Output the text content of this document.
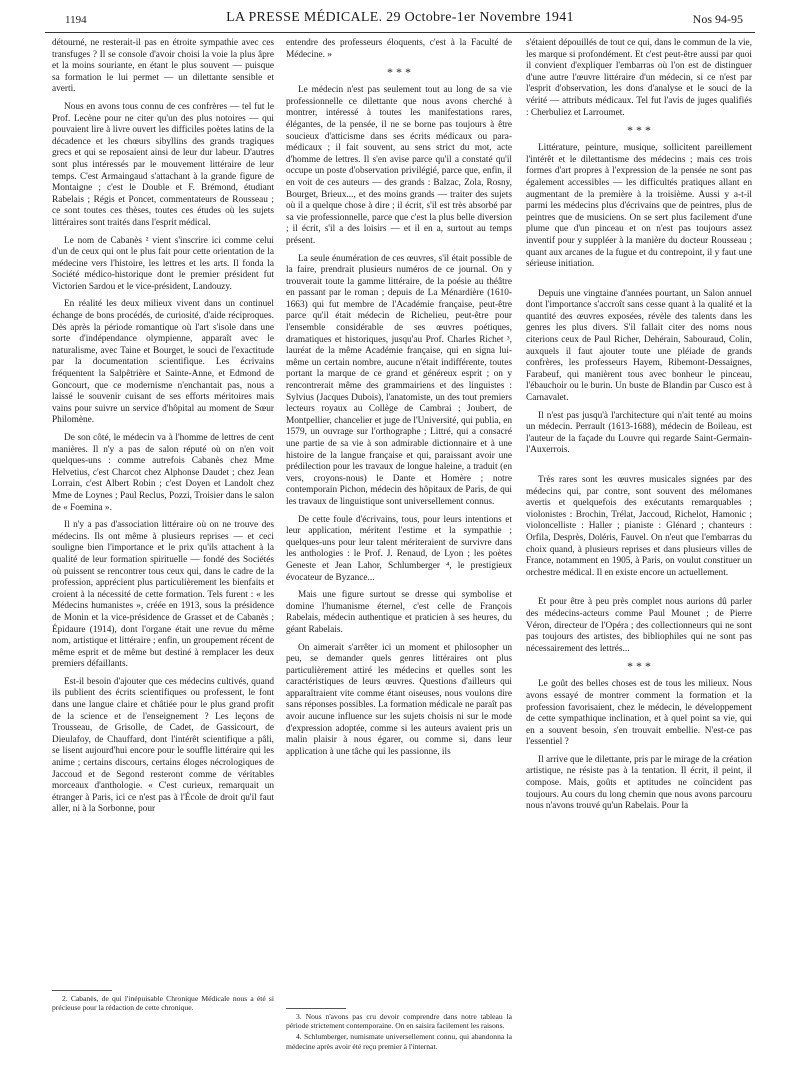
1194	LA PRESSE MÉDICALE. 29 Octobre-1er Novembre 1941	Nos 94-95

détourné, ne resterait-il pas en étroite sympathie avec ces transfuges ? Il se console d'avoir choisi la voie la plus âpre et la moins souriante, en étant le plus souvent — puisque sa formation le lui permet — un dilettante sensible et averti.

Nous en avons tous connu de ces confrères — tel fut le Prof. Lecène pour ne citer qu'un des plus notoires — qui pouvaient lire à livre ouvert les difficiles poètes latins de la décadence et les chœurs sibyllins des grands tragiques grecs et qui se reposaient ainsi de leur dur labeur. D'autres sont plus intéressés par le mouvement littéraire de leur temps. C'est Armaingaud s'attachant à la grande figure de Montaigne ; c'est le Double et F. Brémond, étudiant Rabelais ; Régis et Poncet, commentateurs de Rousseau ; ce sont toutes ces thèses, toutes ces études où les sujets littéraires sont traités dans l'esprit médical.

Le nom de Cabanès ² vient s'inscrire ici comme celui d'un de ceux qui ont le plus fait pour cette orientation de la médecine vers l'histoire, les lettres et les arts. Il fonda la Société médico-historique dont le premier président fut Victorien Sardou et le vice-président, Landouzy.

En réalité les deux milieux vivent dans un continuel échange de bons procédés, de curiosité, d'aide réciproques. Dès après la période romantique où l'art s'isole dans une sorte d'indépendance olympienne, apparaît avec le naturalisme, avec Taine et Bourget, le souci de l'exactitude par la documentation scientifique. Les écrivains fréquentent la Salpêtrière et Sainte-Anne, et Edmond de Goncourt, que ce modernisme n'enchantait pas, nous a laissé le souvenir cuisant de ses efforts méritoires mais vains pour suivre un service d'hôpital au moment de Sœur Philomène.

De son côté, le médecin va à l'homme de lettres de cent manières. Il n'y a pas de salon réputé où on n'en voit quelques-uns : comme autrefois Cabanès chez Mme Helvetius, c'est Charcot chez Alphonse Daudet ; chez Jean Lorrain, c'est Albert Robin ; c'est Doyen et Landolt chez Mme de Loynes ; Paul Reclus, Pozzi, Troisier dans le salon de « Foemina ».

Il n'y a pas d'association littéraire où on ne trouve des médecins. Ils ont même à plusieurs reprises — et ceci souligne bien l'importance et le prix qu'ils attachent à la qualité de leur formation spirituelle — fondé des Sociétés où puissent se rencontrer tous ceux qui, dans le cadre de la profession, apprécient plus particulièrement les bienfaits et croient à la nécessité de cette formation. Tels furent : « les Médecins humanistes », créée en 1913, sous la présidence de Monin et la vice-présidence de Grasset et de Cabanès ; Épidaure (1914), dont l'organe était une revue du même nom, artistique et littéraire ; enfin, un groupement récent de même esprit et de même but destiné à remplacer les deux premiers défaillants.

Est-il besoin d'ajouter que ces médecins cultivés, quand ils publient des écrits scientifiques ou professent, le font dans une langue claire et châtiée pour le plus grand profit de la science et de l'enseignement ? Les leçons de Trousseau, de Grisolle, de Cadet, de Gassicourt, de Dieulafoy, de Chauffard, dont l'intérêt scientifique a pâli, se lisent aujourd'hui encore pour le souffle littéraire qui les anime ; certains discours, certains éloges nécrologiques de Jaccoud et de Segond resteront comme de véritables morceaux d'anthologie. « C'est curieux, remarquait un étranger à Paris, ici ce n'est pas à l'École de droit qu'il faut aller, ni à la Sorbonne, pour

entendre des professeurs éloquents, c'est à la Faculté de Médecine. »

* * *

Le médecin n'est pas seulement tout au long de sa vie professionnelle ce dilettante que nous avons cherché à montrer, intéressé à toutes les manifestations rares, élégantes, de la pensée, il ne se borne pas toujours à être soucieux d'atticisme dans ses écrits médicaux ou para-médicaux ; il fait souvent, au sens strict du mot, acte d'homme de lettres. Il s'en avise parce qu'il a constaté qu'il occupe un poste d'observation privilégié, parce que, enfin, il en voit de ces auteurs — des grands : Balzac, Zola, Rosny, Bourget, Brieux..., et des moins grands — traiter des sujets où il a quelque chose à dire ; il écrit, s'il est très absorbé par sa vie professionnelle, parce que c'est la plus belle diversion ; il écrit, s'il a des loisirs — et il en a, surtout au temps présent.

La seule énumération de ces œuvres, s'il était possible de la faire, prendrait plusieurs numéros de ce journal. On y trouverait toute la gamme littéraire, de la poésie au théâtre en passant par le roman ; depuis de La Ménardière (1610-1663) qui fut membre de l'Académie française, peut-être parce qu'il était médecin de Richelieu, peut-être pour l'ensemble considérable de ses œuvres poétiques, dramatiques et historiques, jusqu'au Prof. Charles Richet ³, lauréat de la même Académie française, qui en signa lui-même un certain nombre, aucune n'était indifférente, toutes portant la marque de ce grand et généreux esprit ; on y rencontrerait même des grammairiens et des linguistes : Sylvius (Jacques Dubois), l'anatomiste, un des tout premiers lecteurs royaux au Collège de Cambrai ; Joubert, de Montpellier, chancelier et juge de l'Université, qui publia, en 1579, un ouvrage sur l'orthographe ; Littré, qui a consacré une partie de sa vie à son admirable dictionnaire et à une histoire de la langue française et qui, paraissant avoir une prédilection pour les travaux de longue haleine, a traduit (en vers, croyons-nous) le Dante et Homère ; notre contemporain Pichon, médecin des hôpitaux de Paris, de qui les travaux de linguistique sont universellement connus.

De cette foule d'écrivains, tous, pour leurs intentions et leur application, méritent l'estime et la sympathie ; quelques-uns pour leur talent mériteraient de survivre dans les anthologies : le Prof. J. Renaud, de Lyon ; les poètes Geneste et Jean Lahor, Schlumberger ⁴, le prestigieux évocateur de Byzance...

Mais une figure surtout se dresse qui symbolise et domine l'humanisme éternel, c'est celle de François Rabelais, médecin authentique et praticien à ses heures, du géant Rabelais.

On aimerait s'arrêter ici un moment et philosopher un peu, se demander quels genres littéraires ont plus particulièrement attiré les médecins et quelles sont les caractéristiques de leurs œuvres. Questions d'ailleurs qui apparaîtraient vite comme étant oiseuses, nous voulons dire sans réponses possibles. La formation médicale ne paraît pas avoir aucune influence sur les sujets choisis ni sur le mode d'expression adoptée, comme si les auteurs avaient pris un malin plaisir à nous égarer, ou comme si, dans leur application à une tâche qui les passionne, ils

s'étaient dépouillés de tout ce qui, dans le commun de la vie, les marque si profondément. Et c'est peut-être aussi par quoi il convient d'expliquer l'embarras où l'on est de distinguer d'une autre l'œuvre littéraire d'un médecin, si ce n'est par l'esprit d'observation, les dons d'analyse et le souci de la vérité — attributs médicaux. Tel fut l'avis de juges qualifiés : Cherbuliez et Larroumet.

* * *

Littérature, peinture, musique, sollicitent pareillement l'intérêt et le dilettantisme des médecins ; mais ces trois formes d'art propres à l'expression de la pensée ne sont pas également accessibles — les difficultés pratiques allant en augmentant de la première à la troisième. Aussi y a-t-il parmi les médecins plus d'écrivains que de peintres, plus de peintres que de musiciens. On se sert plus facilement d'une plume que d'un pinceau et on n'est pas toujours assez inventif pour y suppléer à la manière du docteur Rousseau ; quant aux arcanes de la fugue et du contrepoint, il y faut une sérieuse initiation.

Depuis une vingtaine d'années pourtant, un Salon annuel dont l'importance s'accroît sans cesse quant à la qualité et la quantité des œuvres exposées, révèle des talents dans les genres les plus divers. S'il fallait citer des noms nous citerions ceux de Paul Richer, Dehérain, Sabouraud, Colin, auxquels il faut ajouter toute une pléiade de grands confrères, les professeurs Hayem, Ribemont-Dessaignes, Farabeuf, qui manièrent tous avec bonheur le pinceau, l'ébauchoir ou le burin. Un buste de Blandin par Cusco est à Carnavalet.

Il n'est pas jusqu'à l'architecture qui n'ait tenté au moins un médecin. Perrault (1613-1688), médecin de Boileau, est l'auteur de la façade du Louvre qui regarde Saint-Germain-l'Auxerrois.

Très rares sont les œuvres musicales signées par des médecins qui, par contre, sont souvent des mélomanes avertis et quelquefois des exécutants remarquables ; violonistes : Brochin, Trélat, Jaccoud, Richelot, Hamonic ; violoncelliste : Haller ; pianiste : Glénard ; chanteurs : Orfila, Desprès, Doléris, Fauvel. On n'eut que l'embarras du choix quand, à plusieurs reprises et dans plusieurs villes de France, notamment en 1905, à Paris, on voulut constituer un orchestre médical. Il en existe encore un actuellement.

Et pour être à peu près complet nous aurions dû parler des médecins-acteurs comme Paul Mounet ; de Pierre Véron, directeur de l'Opéra ; des collectionneurs qui ne sont pas toujours des artistes, des bibliophiles qui ne sont pas nécessairement des lettrés...

* * *

Le goût des belles choses est de tous les milieux. Nous avons essayé de montrer comment la formation et la profession favorisaient, chez le médecin, le développement de cette sympathique inclination, et à quel point sa vie, qui en a souvent besoin, s'en trouvait embellie. N'est-ce pas l'essentiel ?

Il arrive que le dilettante, pris par le mirage de la création artistique, ne résiste pas à la tentation. Il écrit, il peint, il compose. Mais, goûts et aptitudes ne coïncident pas toujours. Au cours du long chemin que nous avons parcouru nous n'avons trouvé qu'un Rabelais. Pour la

2. Cabanès, de qui l'inépuisable Chronique Médicale nous a été si précieuse pour la rédaction de cette chronique.

3. Nous n'avons pas cru devoir comprendre dans notre tableau la période strictement contemporaine. On en saisira facilement les raisons.

4. Schlumberger, numismate universellement connu, qui abandonna la médecine après avoir été reçu premier à l'internat.
